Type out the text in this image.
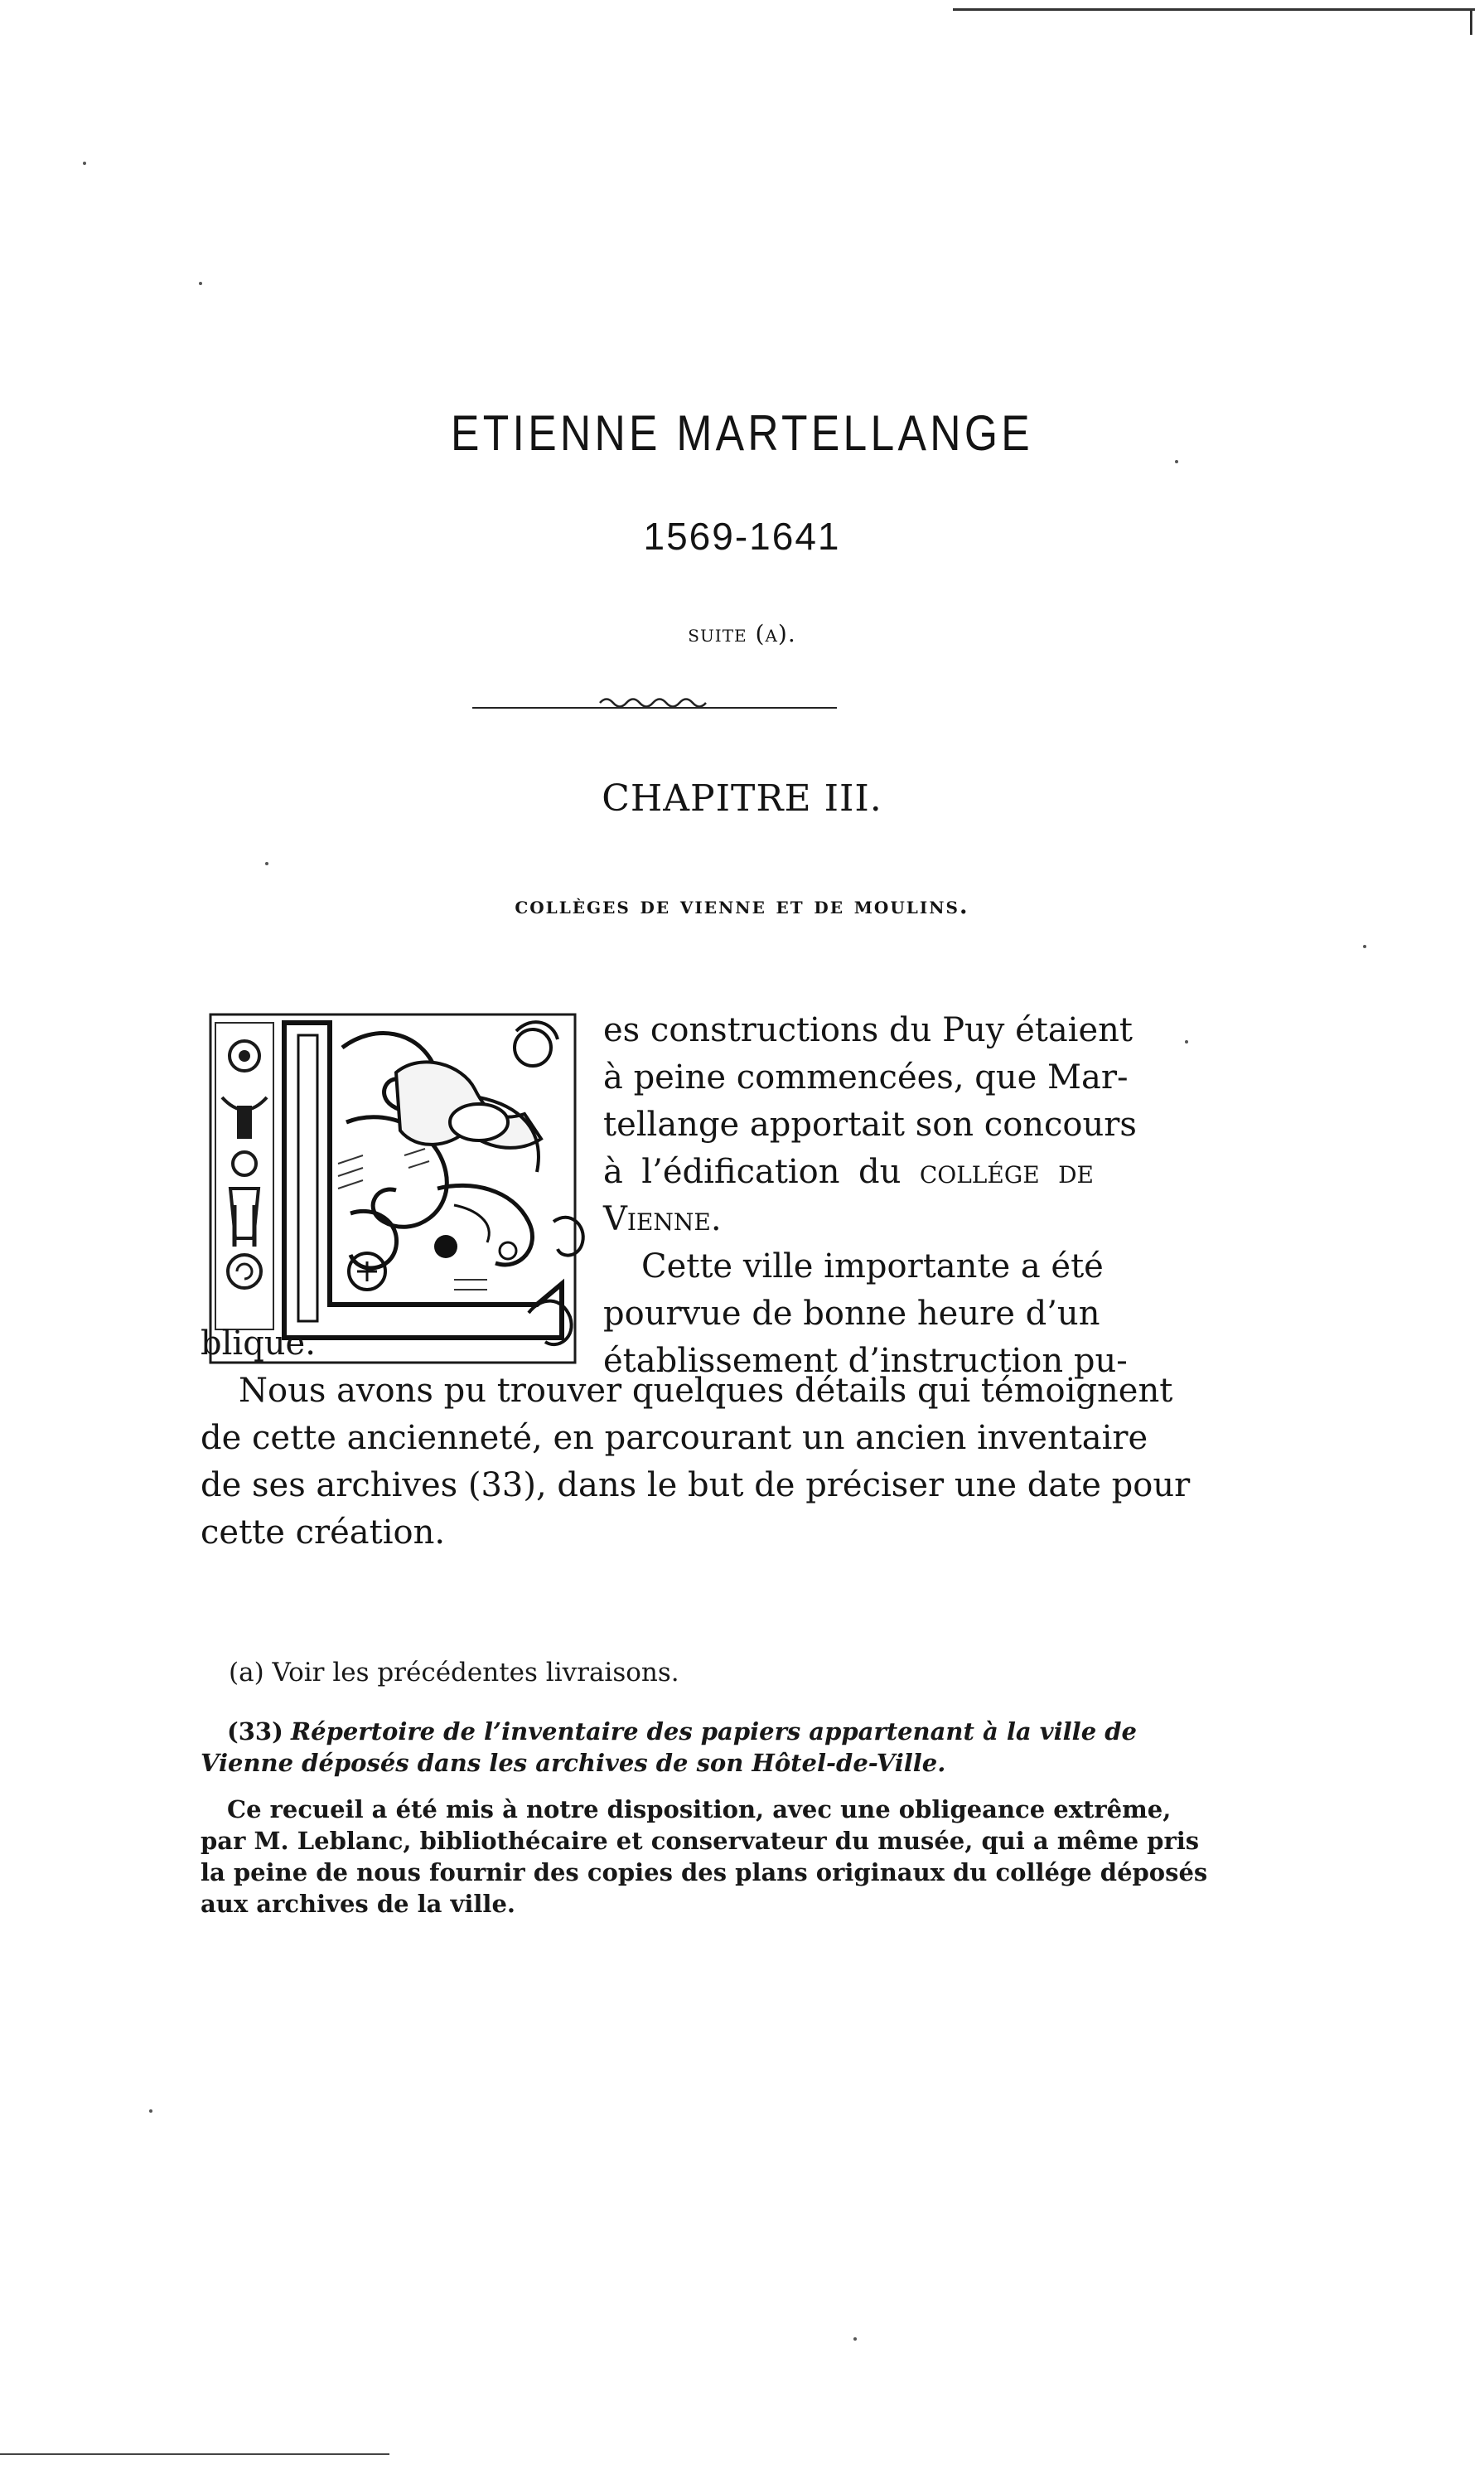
ETIENNE MARTELLANGE
1569-1641
suite (a).
CHAPITRE III.
collèges de vienne et de moulins.
es constructions du Puy étaient
à peine commencées, que Mar-
tellange apportait son concours
à l’édification du collége de
Vienne.
Cette ville importante a été
pourvue de bonne heure d’un
établissement d’instruction pu-
blique.
Nous avons pu trouver quelques détails qui témoignent
de cette ancienneté, en parcourant un ancien inventaire
de ses archives (33), dans le but de préciser une date pour
cette création.
(a) Voir les précédentes livraisons.
(33) Répertoire de l’inventaire des papiers appartenant à la ville de
Vienne déposés dans les archives de son Hôtel-de-Ville.
Ce recueil a été mis à notre disposition, avec une obligeance extrême,
par M. Leblanc, bibliothécaire et conservateur du musée, qui a même pris
la peine de nous fournir des copies des plans originaux du collége déposés
aux archives de la ville.
